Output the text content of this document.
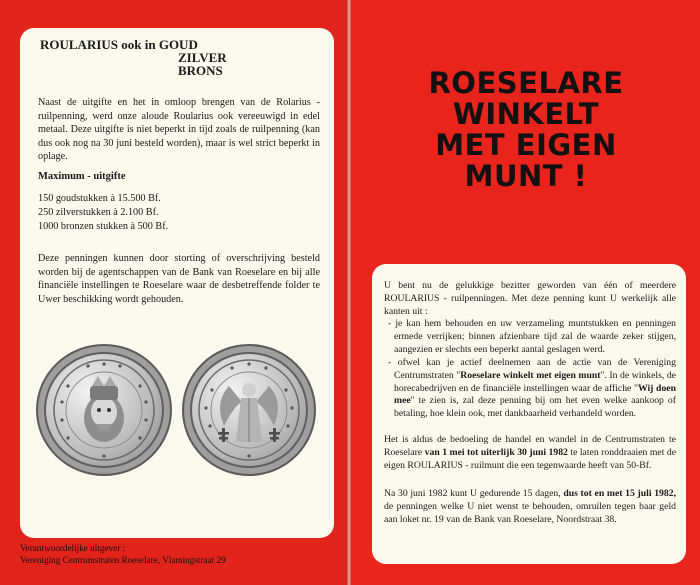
ROULARIUS ook in GOUD
ZILVER
BRONS

Naast de uitgifte en het in omloop brengen van de Rolarius - ruilpenning, werd onze aloude Roularius ook vereeuwigd in edel metaal. Deze uitgifte is niet beperkt in tijd zoals de ruilpenning (kan dus ook nog na 30 juni besteld worden), maar is wel strict beperkt in oplage.

Maximum - uitgifte
150 goudstukken à 15.500 Bf.
250 zilverstukken à 2.100 Bf.
1000 bronzen stukken à 500 Bf.

Deze penningen kunnen door storting of overschrijving besteld worden bij de agentschappen van de Bank van Roeselare en bij alle financiële instellingen te Roeselare waar de desbetreffende folder te Uwer beschikking wordt gehouden.

Verantwoordelijke uitgever :
Vereniging Centrumstraten Roeselare, Vlamingstraat 29
ROESELARE
WINKELT
MET EIGEN
MUNT !

U bent nu de gelukkige bezitter geworden van één of meerdere ROULARIUS - ruilpenningen. Met deze penning kunt U werkelijk alle kanten uit :

- je kan hem behouden en uw verzameling muntstukken en penningen ermede verrijken; binnen afzienbare tijd zal de waarde zeker stijgen, aangezien er slechts een beperkt aantal geslagen werd.
- ofwel kan je actief deelnemen aan de actie van de Vereniging Centrumstraten "Roeselare winkelt met eigen munt". In de winkels, de horecabedrijven en de financiële instellingen waar de affiche "Wij doen mee" te zien is, zal deze penning bij om het even welke aankoop of betaling, hoe klein ook, met dankbaarheid verhandeld worden.

Het is aldus de bedoeling de handel en wandel in de Centrumstraten te Roeselare van 1 mei tot uiterlijk 30 juni 1982 te laten ronddraaien met de eigen ROULARIUS - ruilmunt die een tegenwaarde heeft van 50-Bf.

Na 30 juni 1982 kunt U gedurende 15 dagen, dus tot en met 15 juli 1982, de penningen welke U niet wenst te behouden, omruilen tegen baar geld aan loket nr. 19 van de Bank van Roeselare, Noordstraat 38.
